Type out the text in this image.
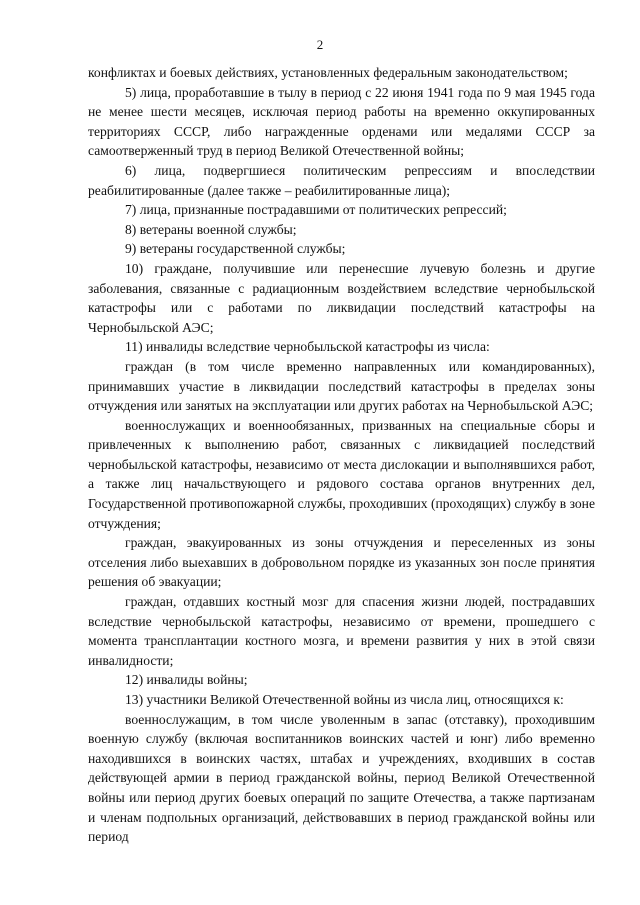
2

конфликтах и боевых действиях, установленных федеральным законодательством;

5) лица, проработавшие в тылу в период с 22 июня 1941 года по 9 мая 1945 года не менее шести месяцев, исключая период работы на временно оккупированных территориях СССР, либо награжденные орденами или медалями СССР за самоотверженный труд в период Великой Отечественной войны;

6) лица, подвергшиеся политическим репрессиям и впоследствии реабилитированные (далее также – реабилитированные лица);

7) лица, признанные пострадавшими от политических репрессий;

8) ветераны военной службы;

9) ветераны государственной службы;

10) граждане, получившие или перенесшие лучевую болезнь и другие заболевания, связанные с радиационным воздействием вследствие чернобыльской катастрофы или с работами по ликвидации последствий катастрофы на Чернобыльской АЭС;

11) инвалиды вследствие чернобыльской катастрофы из числа:

граждан (в том числе временно направленных или командированных), принимавших участие в ликвидации последствий катастрофы в пределах зоны отчуждения или занятых на эксплуатации или других работах на Чернобыльской АЭС;

военнослужащих и военнообязанных, призванных на специальные сборы и привлеченных к выполнению работ, связанных с ликвидацией последствий чернобыльской катастрофы, независимо от места дислокации и выполнявшихся работ, а также лиц начальствующего и рядового состава органов внутренних дел, Государственной противопожарной службы, проходивших (проходящих) службу в зоне отчуждения;

граждан, эвакуированных из зоны отчуждения и переселенных из зоны отселения либо выехавших в добровольном порядке из указанных зон после принятия решения об эвакуации;

граждан, отдавших костный мозг для спасения жизни людей, пострадавших вследствие чернобыльской катастрофы, независимо от времени, прошедшего с момента трансплантации костного мозга, и времени развития у них в этой связи инвалидности;

12) инвалиды войны;

13) участники Великой Отечественной войны из числа лиц, относящихся к:

военнослужащим, в том числе уволенным в запас (отставку), проходившим военную службу (включая воспитанников воинских частей и юнг) либо временно находившихся в воинских частях, штабах и учреждениях, входивших в состав действующей армии в период гражданской войны, период Великой Отечественной войны или период других боевых операций по защите Отечества, а также партизанам и членам подпольных организаций, действовавших в период гражданской войны или период
